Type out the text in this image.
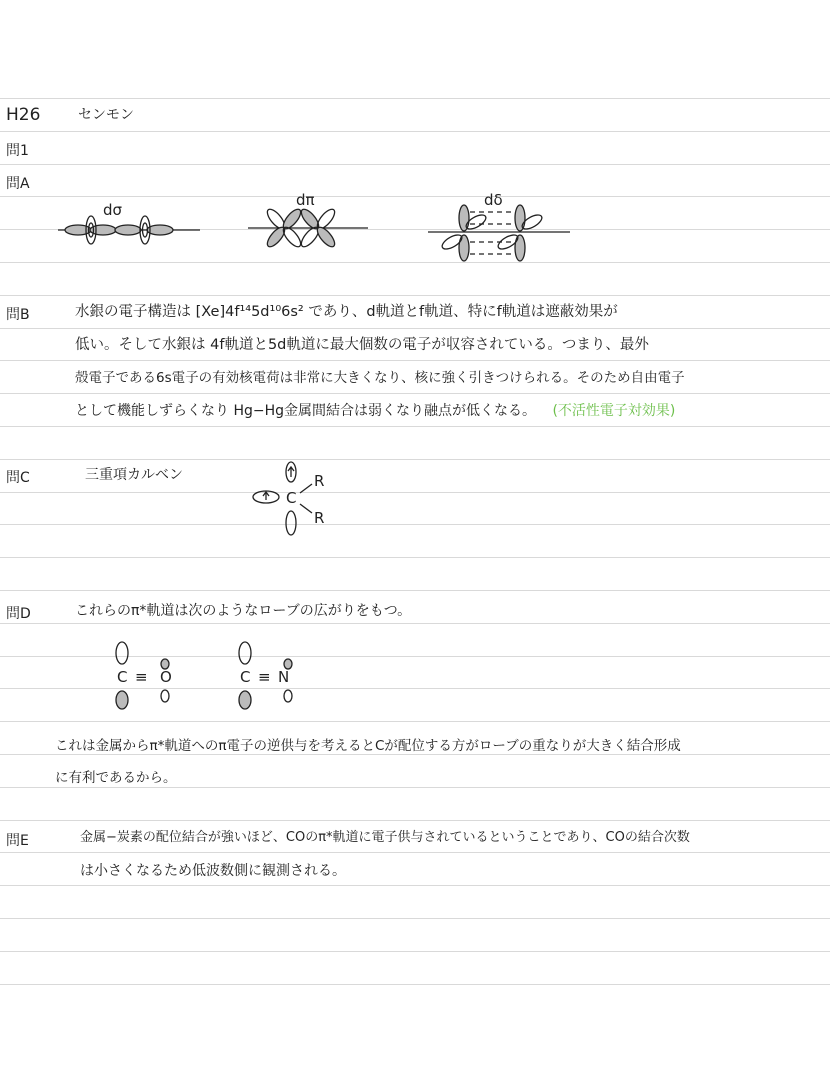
H26	センモン
問1
問A
dσ
dπ	dδ
問B	水銀の電子構造は [Xe]4f¹⁴5d¹⁰6s² であり、d軌道とf軌道、特にf軌道は遮蔽効果が
低い。そして水銀は 4f軌道と5d軌道に最大個数の電子が収容されている。つまり、最外
殻電子である6s電子の有効核電荷は非常に大きくなり、核に強く引きつけられる。そのため自由電子
として機能しずらくなり Hg−Hg金属間結合は弱くなり融点が低くなる。 (不活性電子対効果)
問C	三重項カルベン
C
R
R
問D	これらのπ*軌道は次のようなローブの広がりをもつ。
C ≡ O	C ≡ N
これは金属からπ*軌道へのπ電子の逆供与を考えるとCが配位する方がローブの重なりが大きく結合形成
に有利であるから。
問E	金属−炭素の配位結合が強いほど、COのπ*軌道に電子供与されているということであり、COの結合次数
は小さくなるため低波数側に観測される。
